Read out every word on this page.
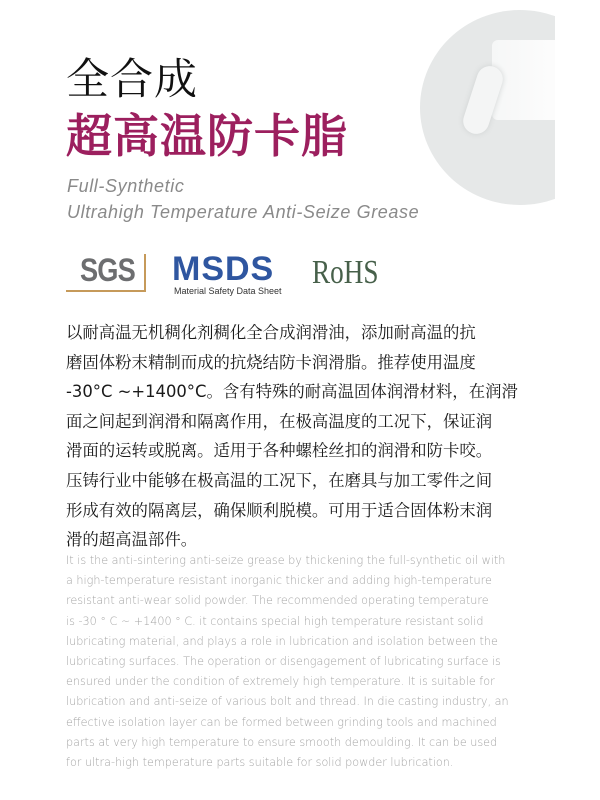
全合成
超高温防卡脂
Full-Synthetic
Ultrahigh Temperature Anti-Seize Grease
SGS MSDS
Material Safety Data Sheet RoHS
以耐高温无机稠化剂稠化全合成润滑油，添加耐高温的抗
磨固体粉末精制而成的抗烧结防卡润滑脂。推荐使用温度
-30°C ~+1400°C。含有特殊的耐高温固体润滑材料，在润滑
面之间起到润滑和隔离作用，在极高温度的工况下，保证润
滑面的运转或脱离。适用于各种螺栓丝扣的润滑和防卡咬。
压铸行业中能够在极高温的工况下，在磨具与加工零件之间
形成有效的隔离层，确保顺利脱模。可用于适合固体粉末润
滑的超高温部件。
It is the anti-sintering anti-seize grease by thickening the full-synthetic oil with
a high-temperature resistant inorganic thicker and adding high-temperature
resistant anti-wear solid powder. The recommended operating temperature
is -30 ° C ~ +1400 ° C. it contains special high temperature resistant solid
lubricating material, and plays a role in lubrication and isolation between the
lubricating surfaces. The operation or disengagement of lubricating surface is
ensured under the condition of extremely high temperature. It is suitable for
lubrication and anti-seize of various bolt and thread. In die casting industry, an
effective isolation layer can be formed between grinding tools and machined
parts at very high temperature to ensure smooth demoulding. It can be used
for ultra-high temperature parts suitable for solid powder lubrication.
